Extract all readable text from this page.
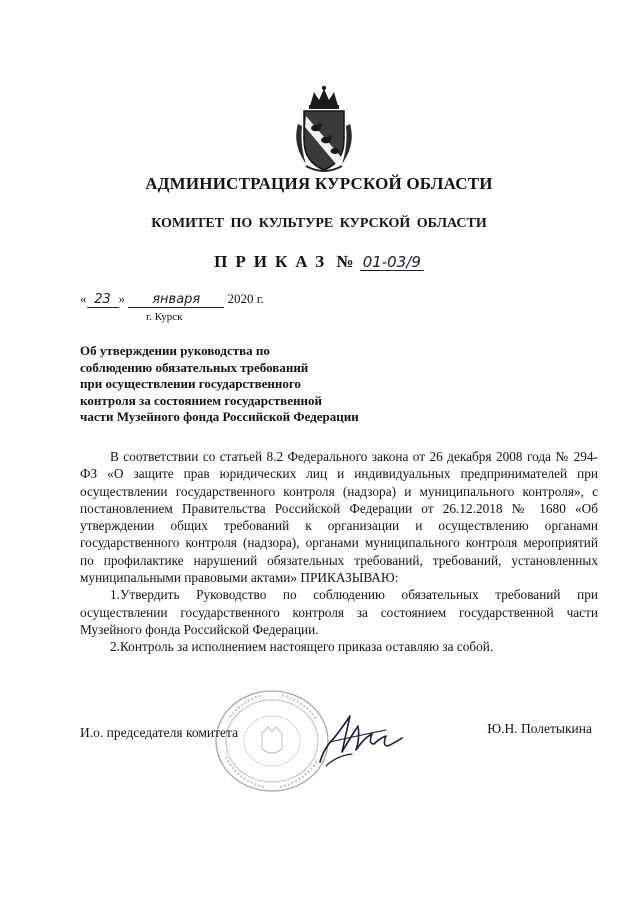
АДМИНИСТРАЦИЯ КУРСКОЙ ОБЛАСТИ
КОМИТЕТ ПО КУЛЬТУРЕ КУРСКОЙ ОБЛАСТИ
ПРИКАЗ № 01-03/9
« 23 » января 2020 г.
г. Курск
Об утверждении руководства по
соблюдению обязательных требований
при осуществлении государственного
контроля за состоянием государственной
части Музейного фонда Российской Федерации

В соответствии со статьей 8.2 Федерального закона от 26 декабря 2008 года № 294-ФЗ «О защите прав юридических лиц и индивидуальных предпринимателей при осуществлении государственного контроля (надзора) и муниципального контроля», с постановлением Правительства Российской Федерации от 26.12.2018 № 1680 «Об утверждении общих требований к организации и осуществлению органами государственного контроля (надзора), органами муниципального контроля мероприятий по профилактике нарушений обязательных требований, требований, установленных муниципальными правовыми актами» ПРИКАЗЫВАЮ:

1.Утвердить Руководство по соблюдению обязательных требований при осуществлении государственного контроля за состоянием государственной части Музейного фонда Российской Федерации.

2.Контроль за исполнением настоящего приказа оставляю за собой.

И.о. председателя комитета	Ю.Н. Полетыкина
